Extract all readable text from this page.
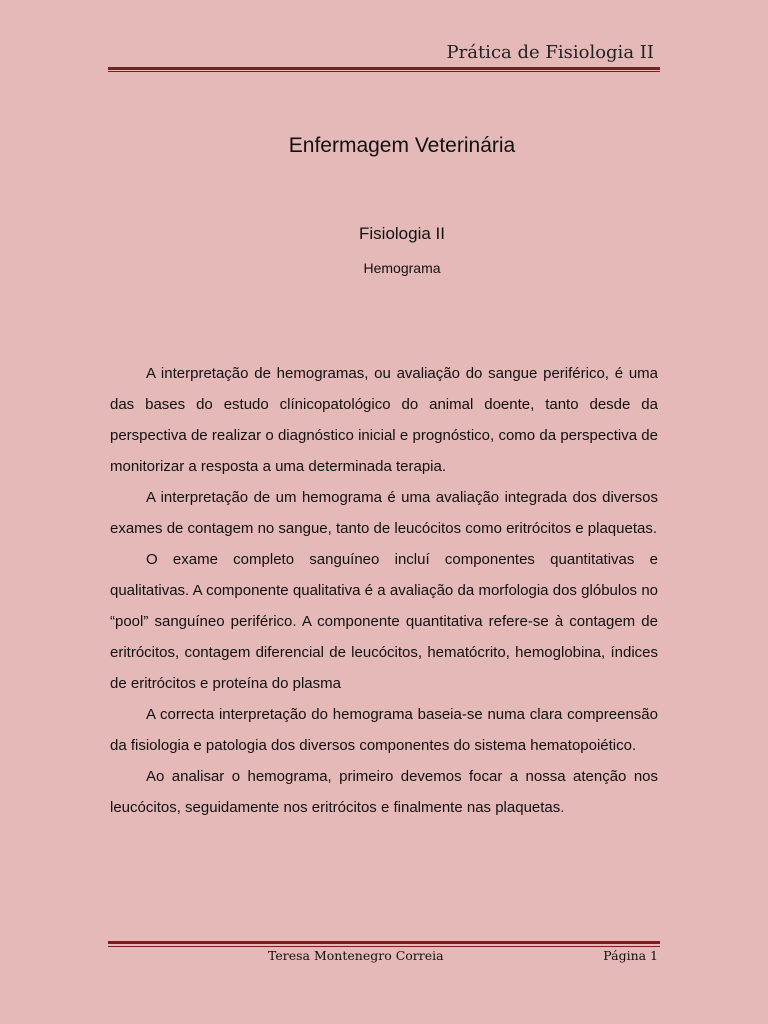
Prática de Fisiologia II
Enfermagem Veterinária
Fisiologia II
Hemograma

A interpretação de hemogramas, ou avaliação do sangue periférico, é uma das bases do estudo clínicopatológico do animal doente, tanto desde da perspectiva de realizar o diagnóstico inicial e prognóstico, como da perspectiva de monitorizar a resposta a uma determinada terapia.

A interpretação de um hemograma é uma avaliação integrada dos diversos exames de contagem no sangue, tanto de leucócitos como eritrócitos e plaquetas.

O exame completo sanguíneo incluí componentes quantitativas e qualitativas. A componente qualitativa é a avaliação da morfologia dos glóbulos no “pool” sanguíneo periférico. A componente quantitativa refere-se à contagem de eritrócitos, contagem diferencial de leucócitos, hematócrito, hemoglobina, índices de eritrócitos e proteína do plasma

A correcta interpretação do hemograma baseia-se numa clara compreensão da fisiologia e patologia dos diversos componentes do sistema hematopoiético.

Ao analisar o hemograma, primeiro devemos focar a nossa atenção nos leucócitos, seguidamente nos eritrócitos e finalmente nas plaquetas.

Teresa Montenegro Correia	Página 1
